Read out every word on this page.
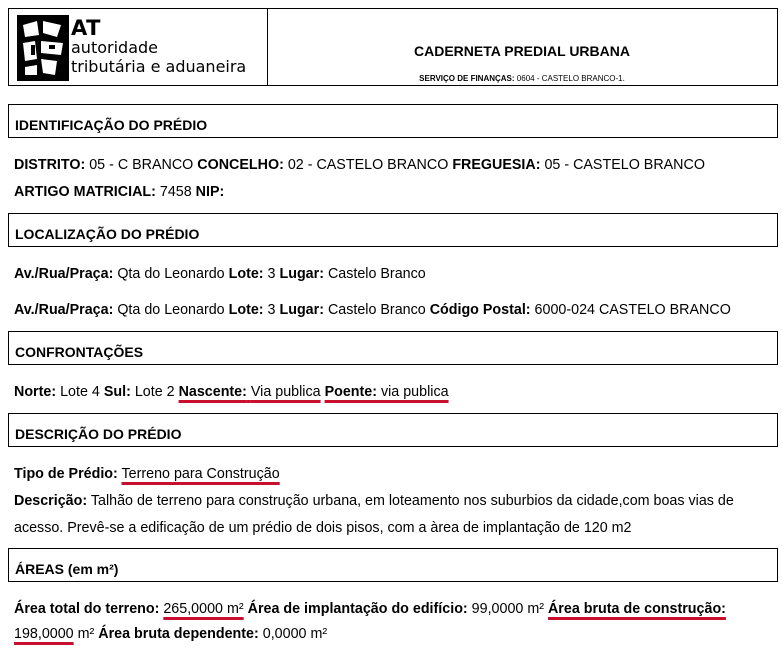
AT
autoridade
tributária e aduaneira
CADERNETA PREDIAL URBANA
SERVIÇO DE FINANÇAS: 0604 - CASTELO BRANCO-1.
IDENTIFICAÇÃO DO PRÉDIO
DISTRITO: 05 - C BRANCO CONCELHO: 02 - CASTELO BRANCO FREGUESIA: 05 - CASTELO BRANCO
ARTIGO MATRICIAL: 7458 NIP:
LOCALIZAÇÃO DO PRÉDIO
Av./Rua/Praça: Qta do Leonardo Lote: 3 Lugar: Castelo Branco
Av./Rua/Praça: Qta do Leonardo Lote: 3 Lugar: Castelo Branco Código Postal: 6000-024 CASTELO BRANCO
CONFRONTAÇÕES
Norte: Lote 4 Sul: Lote 2 Nascente: Via publica Poente: via publica
DESCRIÇÃO DO PRÉDIO
Tipo de Prédio: Terreno para Construção
Descrição: Talhão de terreno para construção urbana, em loteamento nos suburbios da cidade,com boas vias de acesso. Prevê-se a edificação de um prédio de dois pisos, com a àrea de implantação de 120 m2
ÁREAS (em m²)
Área total do terreno: 265,0000 m² Área de implantação do edifício: 99,0000 m² Área bruta de construção:
198,0000 m² Área bruta dependente: 0,0000 m²
